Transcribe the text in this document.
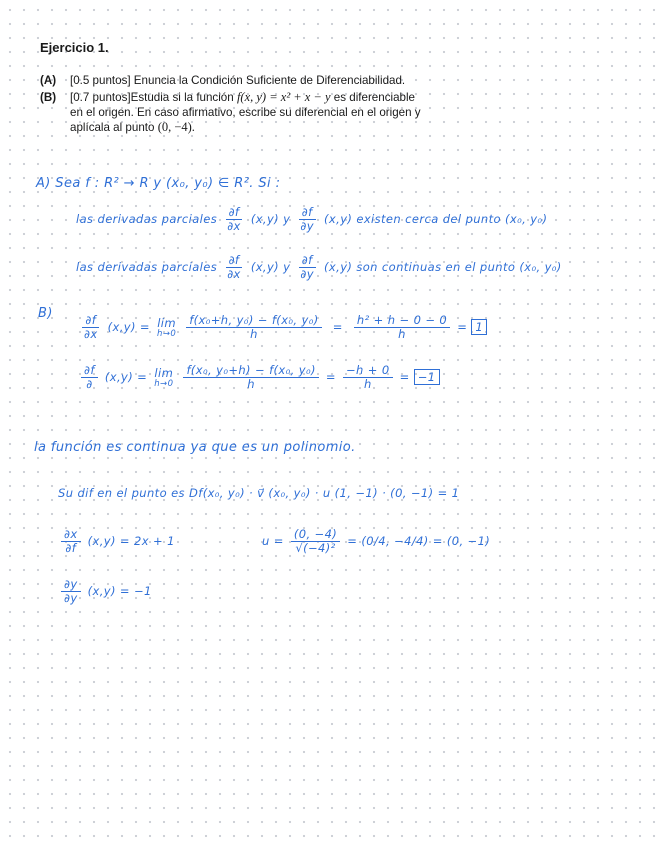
Ejercicio 1.
(A)	[0.5 puntos] Enuncia la Condición Suficiente de Diferenciabilidad.
(B)	[0.7 puntos]Estudia si la función f(x, y) = x² + x − y es diferenciable
en el origen. En caso afirmativo, escribe su diferencial en el origen y
aplícala al punto (0, −4).
A) Sea f : R² → R y (x₀, y₀) ∈ R². Si :
las derivadas parciales $\frac{\partial f}{\partial x} (x,y)$ y $\frac{\partial f}{\partial y} (x,y)$ existen cerca del punto (x₀, y₀)
las derivadas parciales $\frac{\partial f}{\partial x} (x,y)$ y $\frac{\partial f}{\partial y} (x,y)$ son continuas en el punto (x₀, y₀)
B)
$\frac{\partial f}{\partial x} (x,y) = \lim$
h→0
$\frac{\text{f(x₀+h, y₀) − f(x₀, y₀)}}{h} = \frac{\text{h² + h − 0 − 0}}{h} = 1$
$\frac{\partial f}{\partial} (x,y) = \lim$
h→0
$\frac{\text{f(x₀, y₀+h) − f(x₀, y₀)}}{h} = \frac{-h + 0}{h} = -1$
la función es continua ya que es un polinomio.
Su dif en el punto es Df(x₀, y₀) · v⃗ (x₀, y₀) · u (1, −1) · (0, −1) = 1
$\frac{\partial x}{\partial f} (x,y) = 2x + 1$	$u = \frac{(0, -4)}{\text{√(−4)²}} = (0/4$, −4/4) = (0, −1)
$\frac{\partial y}{\partial y} (x,y) = -1$
